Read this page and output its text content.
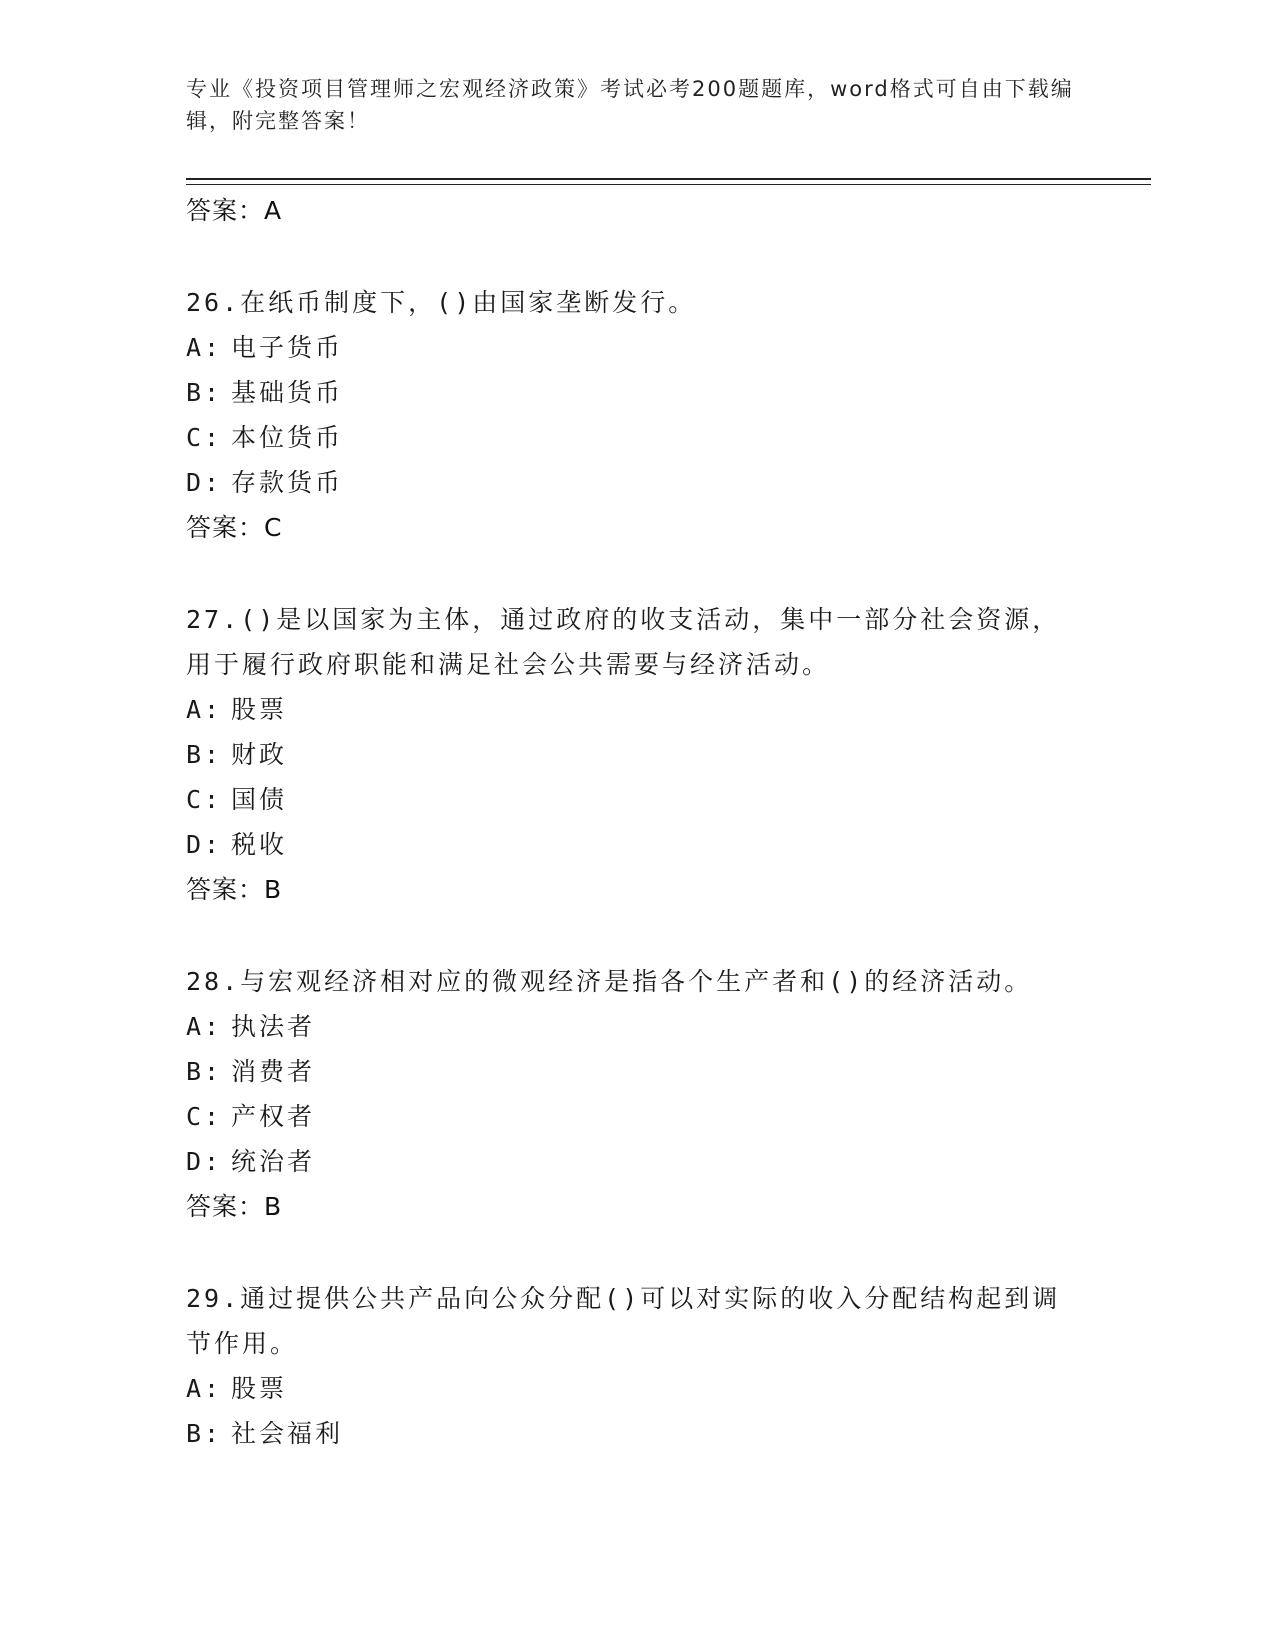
专业《投资项目管理师之宏观经济政策》考试必考200题题库，word格式可自由下载编辑，附完整答案！
答案：A
26.在纸币制度下，()由国家垄断发行。
A: 电子货币
B: 基础货币
C: 本位货币
D: 存款货币
答案：C
27.()是以国家为主体，通过政府的收支活动，集中一部分社会资源，用于履行政府职能和满足社会公共需要与经济活动。
A: 股票
B: 财政
C: 国债
D: 税收
答案：B
28.与宏观经济相对应的微观经济是指各个生产者和()的经济活动。
A: 执法者
B: 消费者
C: 产权者
D: 统治者
答案：B
29.通过提供公共产品向公众分配()可以对实际的收入分配结构起到调节作用。
A: 股票
B: 社会福利
